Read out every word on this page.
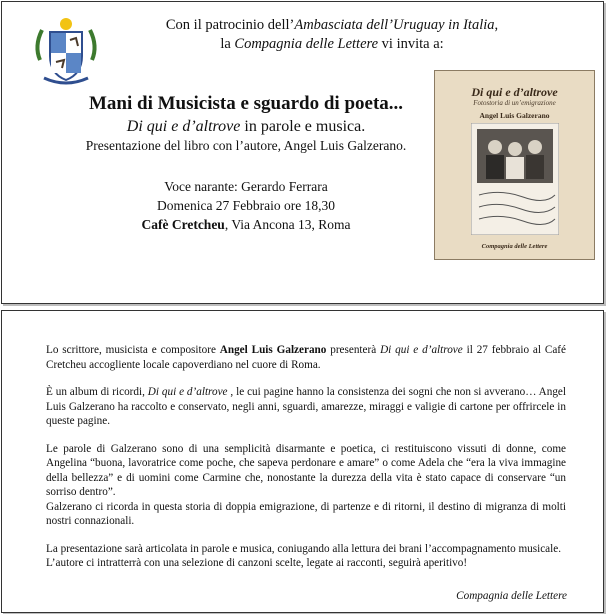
Con il patrocinio dell’Ambasciata dell’Uruguay in Italia,
la Compagnia delle Lettere vi invita a:
Mani di Musicista e sguardo di poeta...
Di qui e d’altrove in parole e musica.
Presentazione del libro con l’autore, Angel Luis Galzerano.
Voce narante: Gerardo Ferrara
Domenica 27 Febbraio ore 18,30
Cafè Cretcheu, Via Ancona 13, Roma
Di qui e d’altrove
Fotostoria di un’emigrazione
Angel Luis Galzerano
Compagnia delle Lettere

Lo scrittore, musicista e compositore Angel Luis Galzerano presenterà Di qui e d’altrove il 27 febbraio al Café Cretcheu accogliente locale capoverdiano nel cuore di Roma.

È un album di ricordi, Di qui e d’altrove , le cui pagine hanno la consistenza dei sogni che non si avverano… Angel Luis Galzerano ha raccolto e conservato, negli anni, sguardi, amarezze, miraggi e valigie di cartone per offrircele in queste pagine.

Le parole di Galzerano sono di una semplicità disarmante e poetica, ci restituiscono vissuti di donne, come Angelina “buona, lavoratrice come poche, che sapeva perdonare e amare” o come Adela che “era la viva immagine della bellezza” e di uomini come Carmine che, nonostante la durezza della vita è stato capace di conservare “un sorriso dentro”.
Galzerano ci ricorda in questa storia di doppia emigrazione, di partenze e di ritorni, il destino di migranza di molti nostri connazionali.

La presentazione sarà articolata in parole e musica, coniugando alla lettura dei brani l’accompagnamento musicale.
L’autore ci intratterrà con una selezione di canzoni scelte, legate ai racconti, seguirà aperitivo!

Compagnia delle Lettere
